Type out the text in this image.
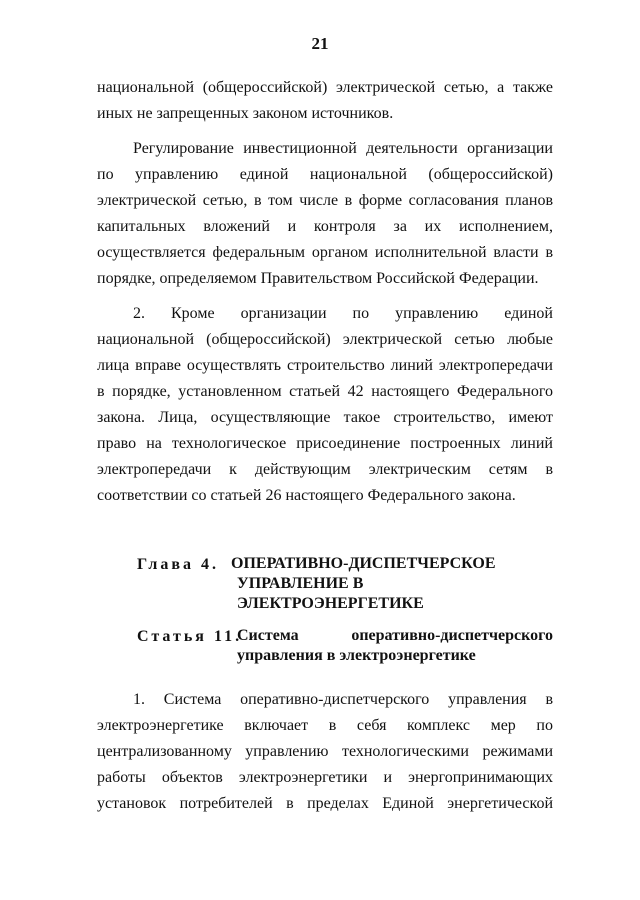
21
национальной (общероссийской) электрической сетью, а также
иных не запрещенных законом источников.
Регулирование инвестиционной деятельности организации
по управлению единой национальной (общероссийской)
электрической сетью, в том числе в форме согласования планов
капитальных вложений и контроля за их исполнением,
осуществляется федеральным органом исполнительной власти в
порядке, определяемом Правительством Российской Федерации.
2. Кроме организации по управлению единой
национальной (общероссийской) электрической сетью любые
лица вправе осуществлять строительство линий электропередачи
в порядке, установленном статьей 42 настоящего Федерального
закона. Лица, осуществляющие такое строительство, имеют
право на технологическое присоединение построенных линий
электропередачи к действующим электрическим сетям в
соответствии со статьей 26 настоящего Федерального закона.
Глава 4. ОПЕРАТИВНО-ДИСПЕТЧЕРСКОЕ
УПРАВЛЕНИЕ В
ЭЛЕКТРОЭНЕРГЕТИКЕ
Статья 11.
Система оперативно-диспетчерского
управления в электроэнергетике
1. Система оперативно-диспетчерского управления в
электроэнергетике включает в себя комплекс мер по
централизованному управлению технологическими режимами
работы объектов электроэнергетики и энергопринимающих
установок потребителей в пределах Единой энергетической
